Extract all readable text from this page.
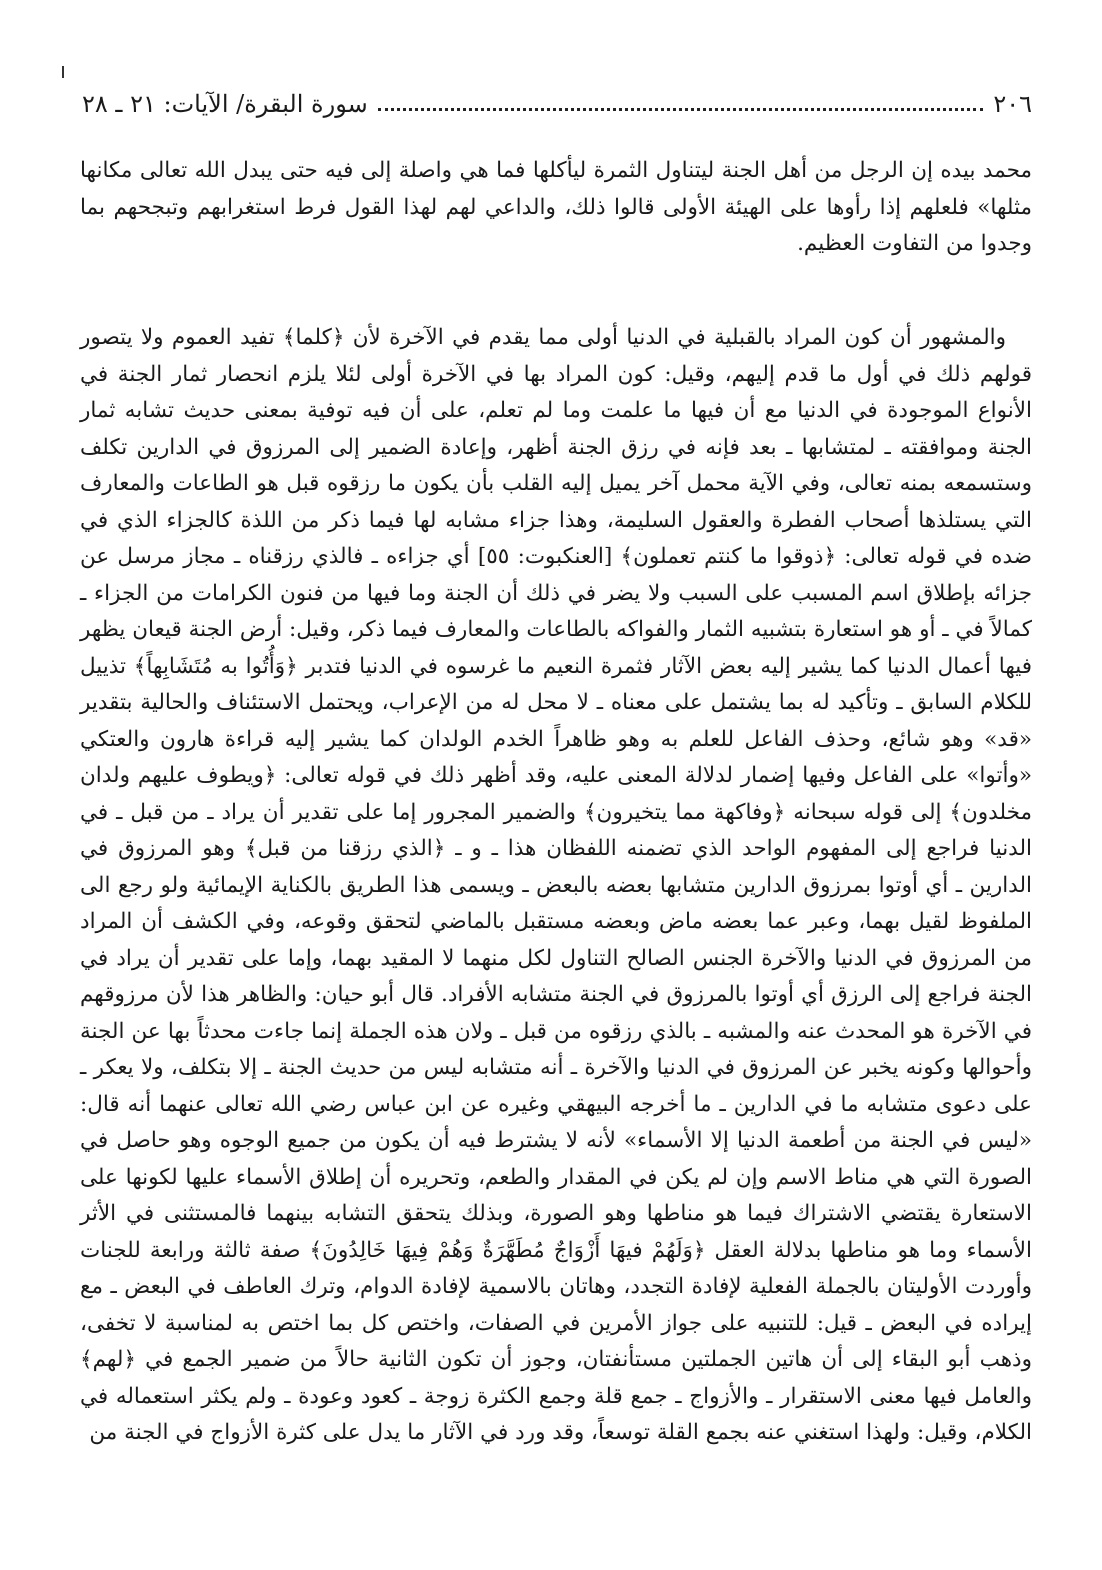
٢٠٦
سورة البقرة/ الآيات: ٢١ ـ ٢٨

محمد بيده إن الرجل من أهل الجنة ليتناول الثمرة ليأكلها فما هي واصلة إلى فيه حتى يبدل الله تعالى مكانها مثلها» فلعلهم إذا رأوها على الهيئة الأولى قالوا ذلك، والداعي لهم لهذا القول فرط استغرابهم وتبجحهم بما وجدوا من التفاوت العظيم.

والمشهور أن كون المراد بالقبلية في الدنيا أولى مما يقدم في الآخرة لأن ﴿كلما﴾ تفيد العموم ولا يتصور قولهم ذلك في أول ما قدم إليهم، وقيل: كون المراد بها في الآخرة أولى لئلا يلزم انحصار ثمار الجنة في الأنواع الموجودة في الدنيا مع أن فيها ما علمت وما لم تعلم، على أن فيه توفية بمعنى حديث تشابه ثمار الجنة وموافقته ـ لمتشابها ـ بعد فإنه في رزق الجنة أظهر، وإعادة الضمير إلى المرزوق في الدارين تكلف وستسمعه بمنه تعالى، وفي الآية محمل آخر يميل إليه القلب بأن يكون ما رزقوه قبل هو الطاعات والمعارف التي يستلذها أصحاب الفطرة والعقول السليمة، وهذا جزاء مشابه لها فيما ذكر من اللذة كالجزاء الذي في ضده في قوله تعالى: ﴿ذوقوا ما كنتم تعملون﴾ [العنكبوت: ٥٥] أي جزاءه ـ فالذي رزقناه ـ مجاز مرسل عن جزائه بإطلاق اسم المسبب على السبب ولا يضر في ذلك أن الجنة وما فيها من فنون الكرامات من الجزاء ـ كمالاً في ـ أو هو استعارة بتشبيه الثمار والفواكه بالطاعات والمعارف فيما ذكر، وقيل: أرض الجنة قيعان يظهر فيها أعمال الدنيا كما يشير إليه بعض الآثار فثمرة النعيم ما غرسوه في الدنيا فتدبر ﴿وَأُتُوا به مُتَشَابِهاً﴾ تذييل للكلام السابق ـ وتأكيد له بما يشتمل على معناه ـ لا محل له من الإعراب، ويحتمل الاستئناف والحالية بتقدير «قد» وهو شائع، وحذف الفاعل للعلم به وهو ظاهراً الخدم الولدان كما يشير إليه قراءة هارون والعتكي «وأتوا» على الفاعل وفيها إضمار لدلالة المعنى عليه، وقد أظهر ذلك في قوله تعالى: ﴿ويطوف عليهم ولدان مخلدون﴾ إلى قوله سبحانه ﴿وفاكهة مما يتخيرون﴾ والضمير المجرور إما على تقدير أن يراد ـ من قبل ـ في الدنيا فراجع إلى المفهوم الواحد الذي تضمنه اللفظان هذا ـ و ـ ﴿الذي رزقنا من قبل﴾ وهو المرزوق في الدارين ـ أي أوتوا بمرزوق الدارين متشابها بعضه بالبعض ـ ويسمى هذا الطريق بالكناية الإيمائية ولو رجع الى الملفوظ لقيل بهما، وعبر عما بعضه ماض وبعضه مستقبل بالماضي لتحقق وقوعه، وفي الكشف أن المراد من المرزوق في الدنيا والآخرة الجنس الصالح التناول لكل منهما لا المقيد بهما، وإما على تقدير أن يراد في الجنة فراجع إلى الرزق أي أوتوا بالمرزوق في الجنة متشابه الأفراد. قال أبو حيان: والظاهر هذا لأن مرزوقهم في الآخرة هو المحدث عنه والمشبه ـ بالذي رزقوه من قبل ـ ولان هذه الجملة إنما جاءت محدثاً بها عن الجنة وأحوالها وكونه يخبر عن المرزوق في الدنيا والآخرة ـ أنه متشابه ليس من حديث الجنة ـ إلا بتكلف، ولا يعكر ـ على دعوى متشابه ما في الدارين ـ ما أخرجه البيهقي وغيره عن ابن عباس رضي الله تعالى عنهما أنه قال: «ليس في الجنة من أطعمة الدنيا إلا الأسماء» لأنه لا يشترط فيه أن يكون من جميع الوجوه وهو حاصل في الصورة التي هي مناط الاسم وإن لم يكن في المقدار والطعم، وتحريره أن إطلاق الأسماء عليها لكونها على الاستعارة يقتضي الاشتراك فيما هو مناطها وهو الصورة، وبذلك يتحقق التشابه بينهما فالمستثنى في الأثر الأسماء وما هو مناطها بدلالة العقل ﴿وَلَهُمْ فيهَا أَزْوَاجٌ مُطَهَّرَةٌ وَهُمْ فِيهَا خَالِدُونَ﴾ صفة ثالثة ورابعة للجنات وأوردت الأوليتان بالجملة الفعلية لإفادة التجدد، وهاتان بالاسمية لإفادة الدوام، وترك العاطف في البعض ـ مع إيراده في البعض ـ قيل: للتنبيه على جواز الأمرين في الصفات، واختص كل بما اختص به لمناسبة لا تخفى، وذهب أبو البقاء إلى أن هاتين الجملتين مستأنفتان، وجوز أن تكون الثانية حالاً من ضمير الجمع في ﴿لهم﴾ والعامل فيها معنى الاستقرار ـ والأزواج ـ جمع قلة وجمع الكثرة زوجة ـ كعود وعودة ـ ولم يكثر استعماله في الكلام، وقيل: ولهذا استغني عنه بجمع القلة توسعاً، وقد ورد في الآثار ما يدل على كثرة الأزواج في الجنة من
